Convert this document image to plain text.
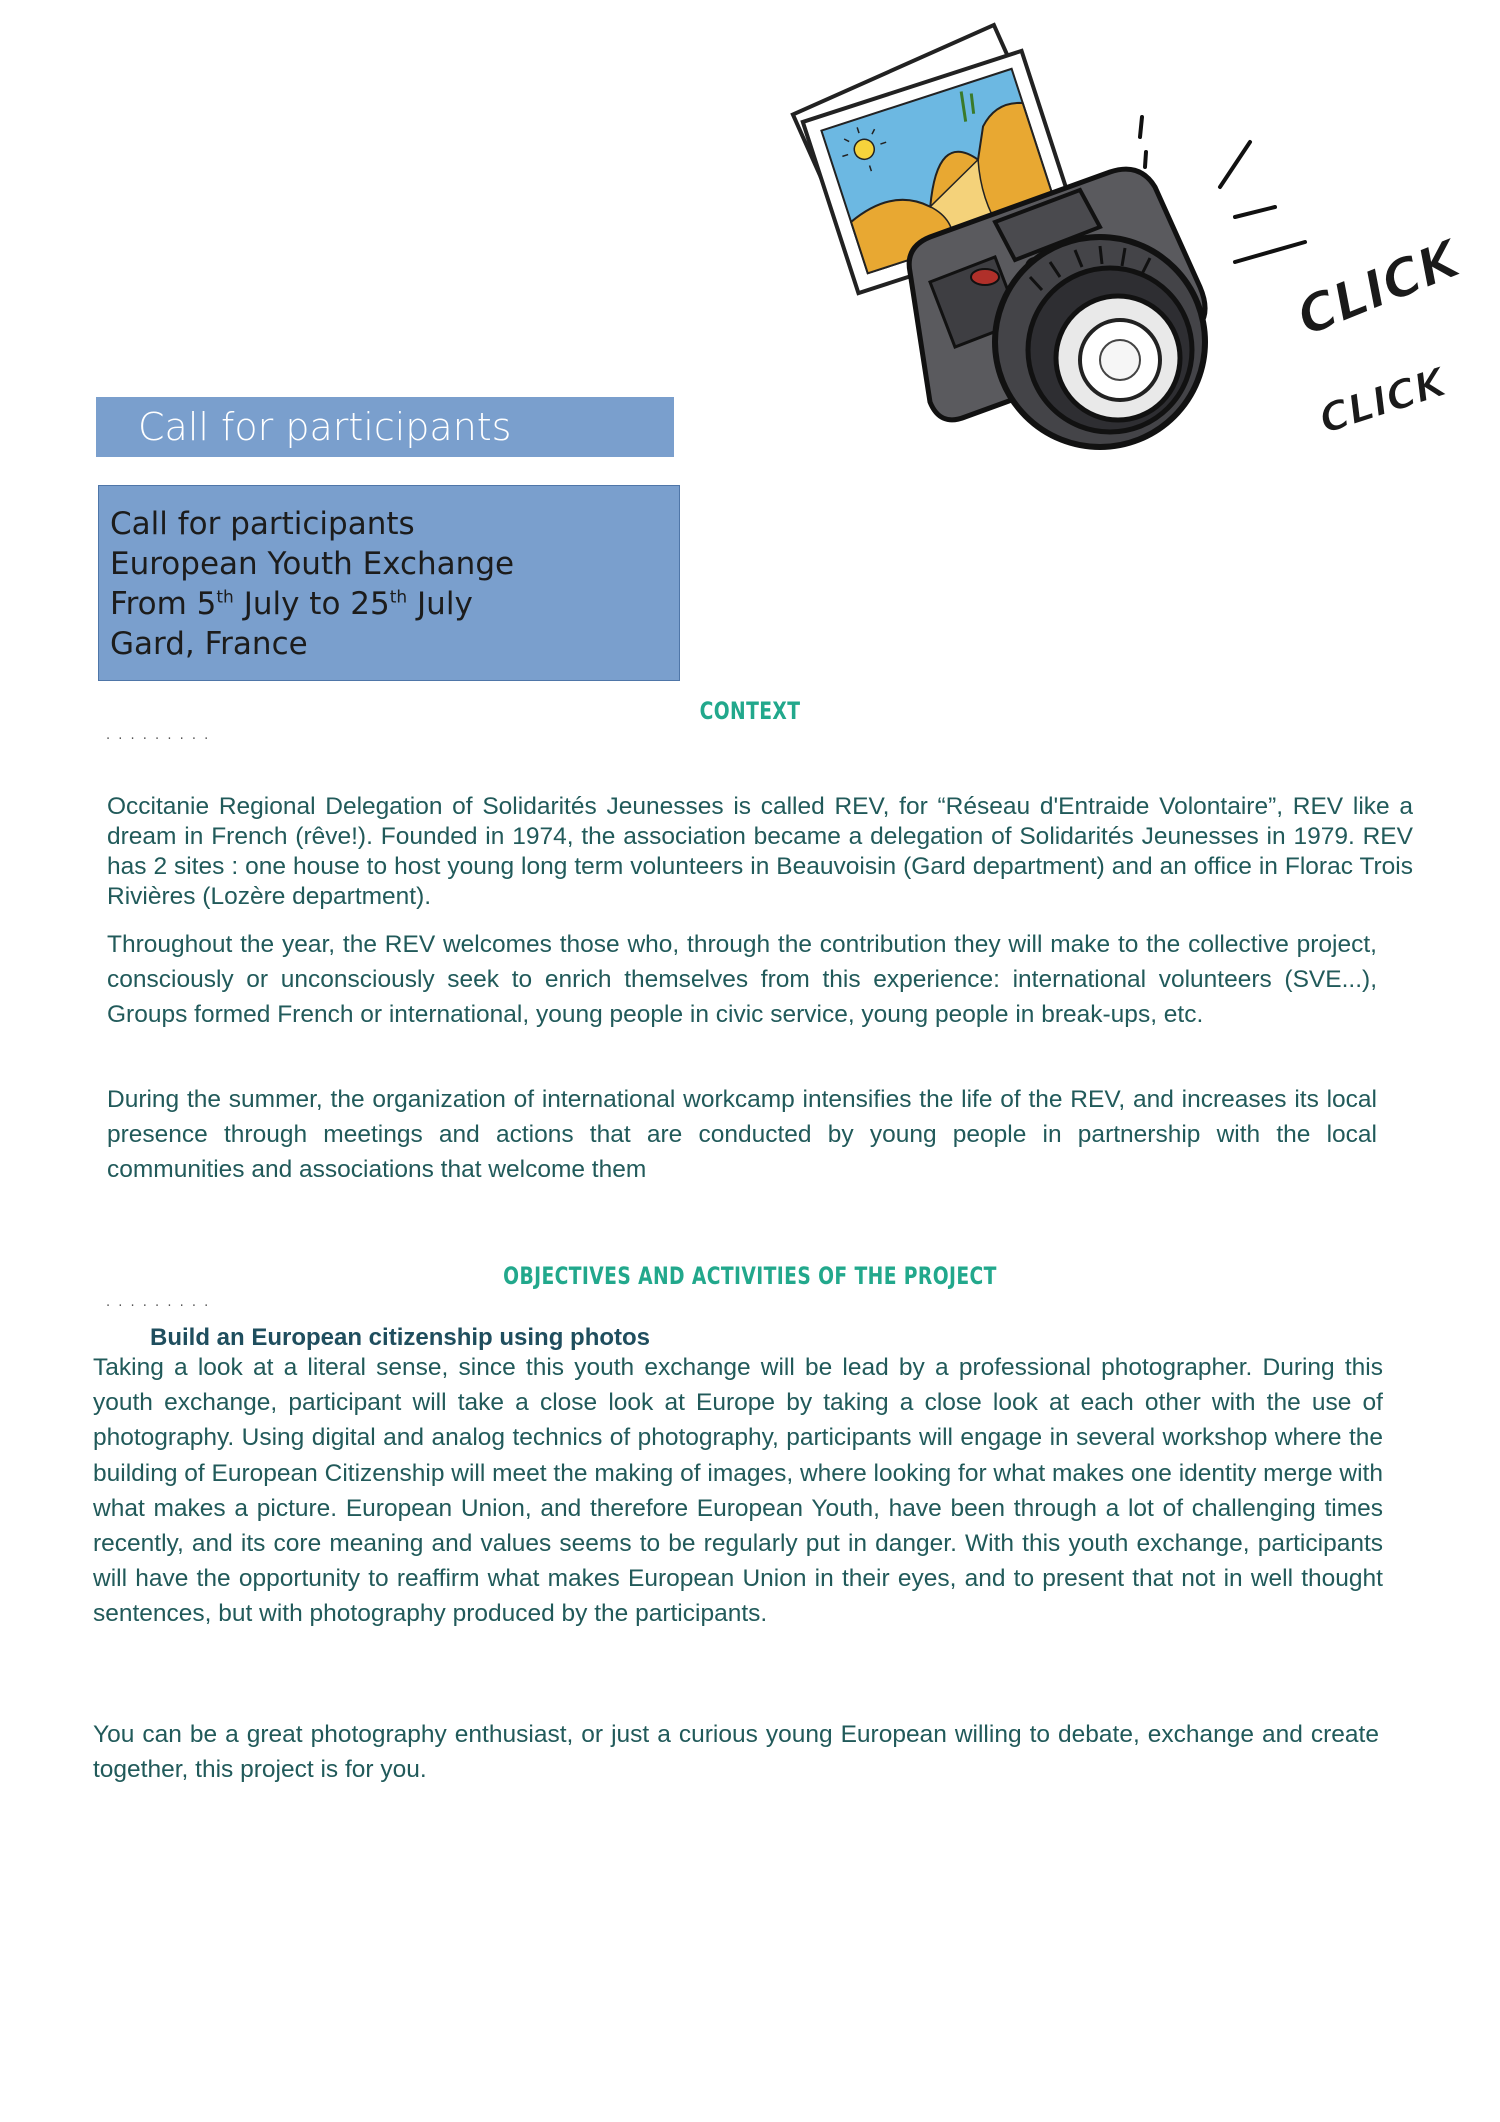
CLICK
CLICK
Call for participants
Call for participants
European Youth Exchange
From 5th July to 25th July
Gard, France
CONTEXT
. . . . . . . . .

Occitanie Regional Delegation of Solidarités Jeunesses is called REV, for “Réseau d'Entraide Volontaire”, REV like a dream in French (rêve!). Founded in 1974, the association became a delegation of Solidarités Jeunesses in 1979. REV has 2 sites : one house to host young long term volunteers in Beauvoisin (Gard department) and an office in Florac Trois Rivières (Lozère department).

Throughout the year, the REV welcomes those who, through the contribution they will make to the collective project, consciously or unconsciously seek to enrich themselves from this experience: international volunteers (SVE...), Groups formed French or international, young people in civic service, young people in break-ups, etc.

During the summer, the organization of international workcamp intensifies the life of the REV, and increases its local presence through meetings and actions that are conducted by young people in partnership with the local communities and associations that welcome them

OBJECTIVES AND ACTIVITIES OF THE PROJECT
. . . . . . . . .
Build an European citizenship using photos

Taking a look at a literal sense, since this youth exchange will be lead by a professional photographer. During this youth exchange, participant will take a close look at Europe by taking a close look at each other with the use of photography. Using digital and analog technics of photography, participants will engage in several workshop where the building of European Citizenship will meet the making of images, where looking for what makes one identity merge with what makes a picture. European Union, and therefore European Youth, have been through a lot of challenging times recently, and its core meaning and values seems to be regularly put in danger. With this youth exchange, participants will have the opportunity to reaffirm what makes European Union in their eyes, and to present that not in well thought sentences, but with photography produced by the participants.

You can be a great photography enthusiast, or just a curious young European willing to debate, exchange and create together, this project is for you.
